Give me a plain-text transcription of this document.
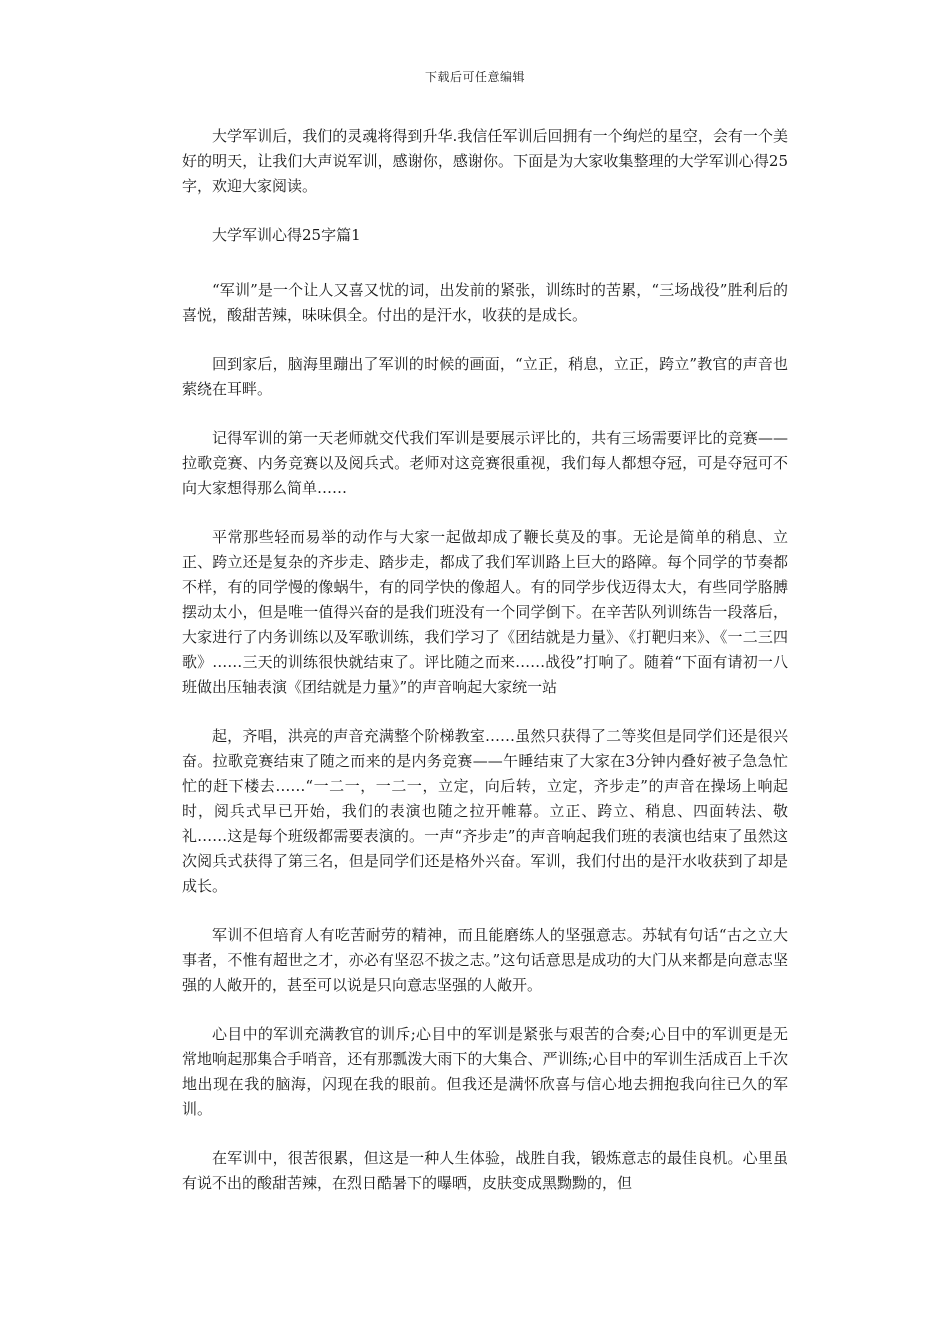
下载后可任意编辑

大学军训后，我们的灵魂将得到升华.我信任军训后回拥有一个绚烂的星空，会有一个美好的明天，让我们大声说军训，感谢你，感谢你。下面是为大家收集整理的大学军训心得25字，欢迎大家阅读。

大学军训心得25字篇1

“军训”是一个让人又喜又忧的词，出发前的紧张，训练时的苦累，“三场战役”胜利后的喜悦，酸甜苦辣，味味俱全。付出的是汗水，收获的是成长。

回到家后，脑海里蹦出了军训的时候的画面，“立正，稍息，立正，跨立”教官的声音也萦绕在耳畔。

记得军训的第一天老师就交代我们军训是要展示评比的，共有三场需要评比的竞赛——拉歌竞赛、内务竞赛以及阅兵式。老师对这竞赛很重视，我们每人都想夺冠，可是夺冠可不向大家想得那么简单……

平常那些轻而易举的动作与大家一起做却成了鞭长莫及的事。无论是简单的稍息、立正、跨立还是复杂的齐步走、踏步走，都成了我们军训路上巨大的路障。每个同学的节奏都不样，有的同学慢的像蜗牛，有的同学快的像超人。有的同学步伐迈得太大，有些同学胳膊摆动太小，但是唯一值得兴奋的是我们班没有一个同学倒下。在辛苦队列训练告一段落后，大家进行了内务训练以及军歌训练，我们学习了《团结就是力量》、《打靶归来》、《一二三四歌》……三天的训练很快就结束了。评比随之而来……战役”打响了。随着“下面有请初一八班做出压轴表演《团结就是力量》”的声音响起大家统一站

起，齐唱，洪亮的声音充满整个阶梯教室……虽然只获得了二等奖但是同学们还是很兴奋。拉歌竞赛结束了随之而来的是内务竞赛——午睡结束了大家在3分钟内叠好被子急急忙忙的赶下楼去……“一二一，一二一，立定，向后转，立定，齐步走”的声音在操场上响起时，阅兵式早已开始，我们的表演也随之拉开帷幕。立正、跨立、稍息、四面转法、敬礼……这是每个班级都需要表演的。一声“齐步走”的声音响起我们班的表演也结束了虽然这次阅兵式获得了第三名，但是同学们还是格外兴奋。军训，我们付出的是汗水收获到了却是成长。

军训不但培育人有吃苦耐劳的精神，而且能磨练人的坚强意志。苏轼有句话“古之立大事者，不惟有超世之才，亦必有坚忍不拔之志。”这句话意思是成功的大门从来都是向意志坚强的人敞开的，甚至可以说是只向意志坚强的人敞开。

心目中的军训充满教官的训斥;心目中的军训是紧张与艰苦的合奏;心目中的军训更是无常地响起那集合手哨音，还有那瓢泼大雨下的大集合、严训练;心目中的军训生活成百上千次地出现在我的脑海，闪现在我的眼前。但我还是满怀欣喜与信心地去拥抱我向往已久的军训。

在军训中，很苦很累，但这是一种人生体验，战胜自我，锻炼意志的最佳良机。心里虽有说不出的酸甜苦辣，在烈日酷暑下的曝晒，皮肤变成黑黝黝的，但
